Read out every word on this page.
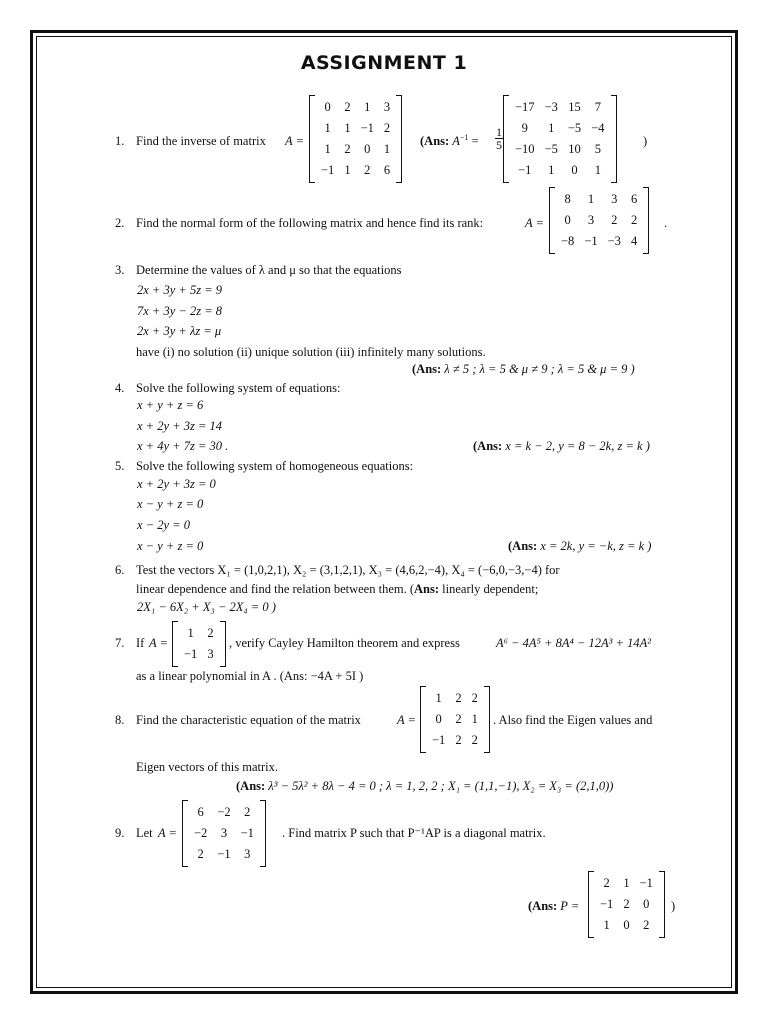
ASSIGNMENT 1
1. Find the inverse of matrix A =
0	2	1	3
1	1	−1	2
1	2	0	1
−1	1	2	6
(Ans: $A^{-1} = \frac{1}{5}$
−17	−3	15	7
9	1	−5	−4
−10	−5	10	5
−1	1	0	1
)
2. Find the normal form of the following matrix and hence find its rank:	A =
8	1	3	6
0	3	2	2
−8	−1	−3	4
.
3. Determine the values of λ and μ so that the equations
2x + 3y + 5z = 9
7x + 3y − 2z = 8
2x + 3y + λz = μ
have (i) no solution (ii) unique solution (iii) infinitely many solutions.
(Ans: λ ≠ 5 ; λ = 5 & μ ≠ 9 ; λ = 5 & μ = 9 )
4. Solve the following system of equations:
x + y + z = 6
x + 2y + 3z = 14
x + 4y + 7z = 30 .	(Ans: x = k − 2, y = 8 − 2k, z = k )
5. Solve the following system of homogeneous equations:
x + 2y + 3z = 0
x − y + z = 0
x − 2y = 0
x − y + z = 0	(Ans: x = 2k, y = −k, z = k )
6. Test the vectors X₁ = (1,0,2,1), X₂ = (3,1,2,1), X₃ = (4,6,2,−4), X₄ = (−6,0,−3,−4) for
linear dependence and find the relation between them. (Ans: linearly dependent;
2X₁ − 6X₂ + X₃ − 2X₄ = 0 )
7. If A =
1	2
−1	3
, verify Cayley Hamilton theorem and express	A⁶ − 4A⁵ + 8A⁴ − 12A³ + 14A²
as a linear polynomial in A . (Ans: −4A + 5I )
8. Find the characteristic equation of the matrix	A =
1	2	2
0	2	1
−1	2	2
. Also find the Eigen values and
Eigen vectors of this matrix.
(Ans: λ³ − 5λ² + 8λ − 4 = 0 ; λ = 1, 2, 2 ; X₁ = (1,1,−1), X₂ = X₃ = (2,1,0))
9. Let A =
6	−2	2
−2	3	−1
2	−1	3
. Find matrix P such that P⁻¹AP is a diagonal matrix.
(Ans: P =
2	1	−1
−1	2	0
1	0	2
)
